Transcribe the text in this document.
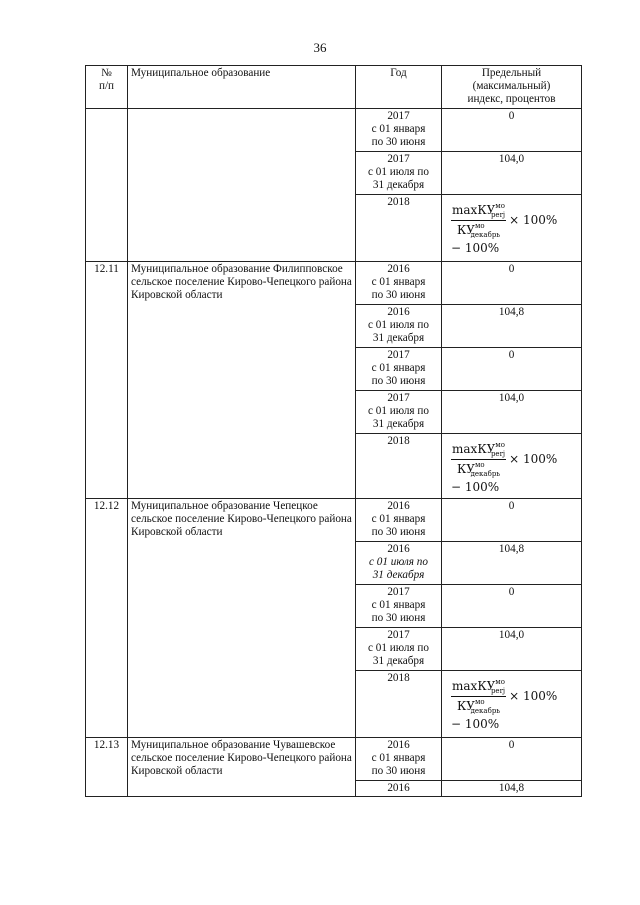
36
№
п/п	Муниципальное образование	Год	Предельный
(максимальный)
индекс, процентов

		2017
с 01 января
по 30 июня	0

		2017
с 01 июля по
31 декабря	104,0

		2018	$\frac{\max КУ^{мо}_{perj}}{КУ^{мо}_{декабрь}} \times 100\%$
− 100%

12.11	Муниципальное образование Филипповское сельское поселение Кирово-Чепецкого района Кировской области	2016
с 01 января
по 30 июня	0

		2016
с 01 июля по
31 декабря	104,8

		2017
с 01 января
по 30 июня	0

		2017
с 01 июля по
31 декабря	104,0

		2018	$\frac{\max КУ^{мо}_{perj}}{КУ^{мо}_{декабрь}} \times 100\%$
− 100%

12.12	Муниципальное образование Чепецкое сельское поселение Кирово-Чепецкого района Кировской области	2016
с 01 января
по 30 июня	0

		2016
с 01 июля по
31 декабря	104,8

		2017
с 01 января
по 30 июня	0

		2017
с 01 июля по
31 декабря	104,0

		2018	$\frac{\max КУ^{мо}_{perj}}{КУ^{мо}_{декабрь}} \times 100\%$
− 100%

12.13	Муниципальное образование Чувашевское сельское поселение Кирово-Чепецкого района Кировской области	2016
с 01 января
по 30 июня	0

		2016	104,8
